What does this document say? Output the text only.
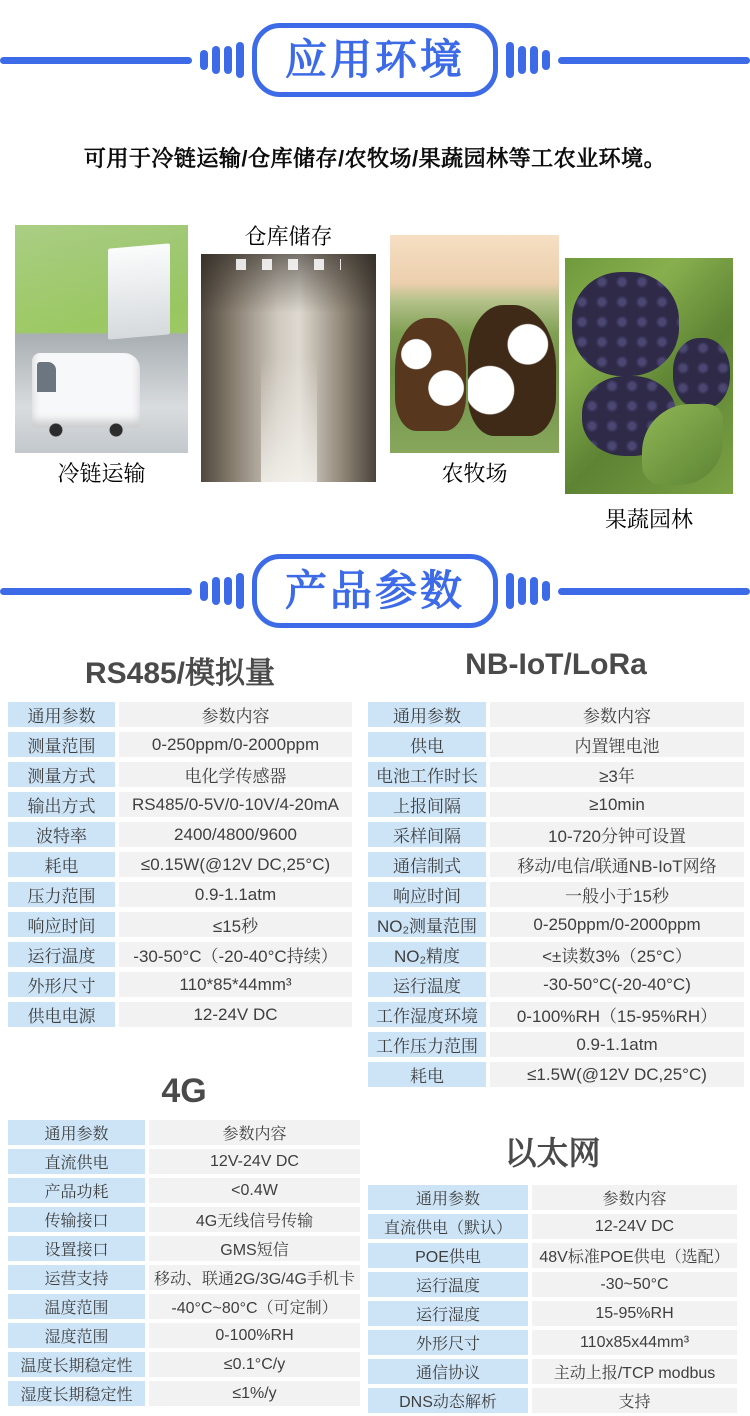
应用环境
可用于冷链运输/仓库储存/农牧场/果蔬园林等工农业环境。
冷链运输
仓库储存
农牧场
果蔬园林
产品参数
RS485/模拟量	NB-IoT/LoRa
4G
以太网
通用参数	参数内容
测量范围	0-250ppm/0-2000ppm
测量方式	电化学传感器
输出方式	RS485/0-5V/0-10V/4-20mA
波特率	2400/4800/9600
耗电	≤0.15W(@12V DC,25°C)
压力范围	0.9-1.1atm
响应时间	≤15秒
运行温度	-30-50°C（-20-40°C持续）
外形尺寸	110*85*44mm³
供电电源	12-24V DC
通用参数	参数内容
供电	内置锂电池
电池工作时长	≥3年
上报间隔	≥10min
采样间隔	10-720分钟可设置
通信制式	移动/电信/联通NB-IoT网络
响应时间	一般小于15秒
NO₂测量范围	0-250ppm/0-2000ppm
NO₂精度	<±读数3%（25°C）
运行温度	-30-50°C(-20-40°C)
工作湿度环境	0-100%RH（15-95%RH）
工作压力范围	0.9-1.1atm
耗电	≤1.5W(@12V DC,25°C)
通用参数	参数内容
直流供电	12V-24V DC
产品功耗	<0.4W
传输接口	4G无线信号传输
设置接口	GMS短信
运营支持	移动、联通2G/3G/4G手机卡
温度范围	-40°C~80°C（可定制）
湿度范围	0-100%RH
温度长期稳定性	≤0.1°C/y
湿度长期稳定性	≤1%/y
通用参数	参数内容
直流供电（默认）	12-24V DC
POE供电	48V标准POE供电（选配）
运行温度	-30~50°C
运行湿度	15-95%RH
外形尺寸	110x85x44mm³
通信协议	主动上报/TCP modbus
DNS动态解析	支持
